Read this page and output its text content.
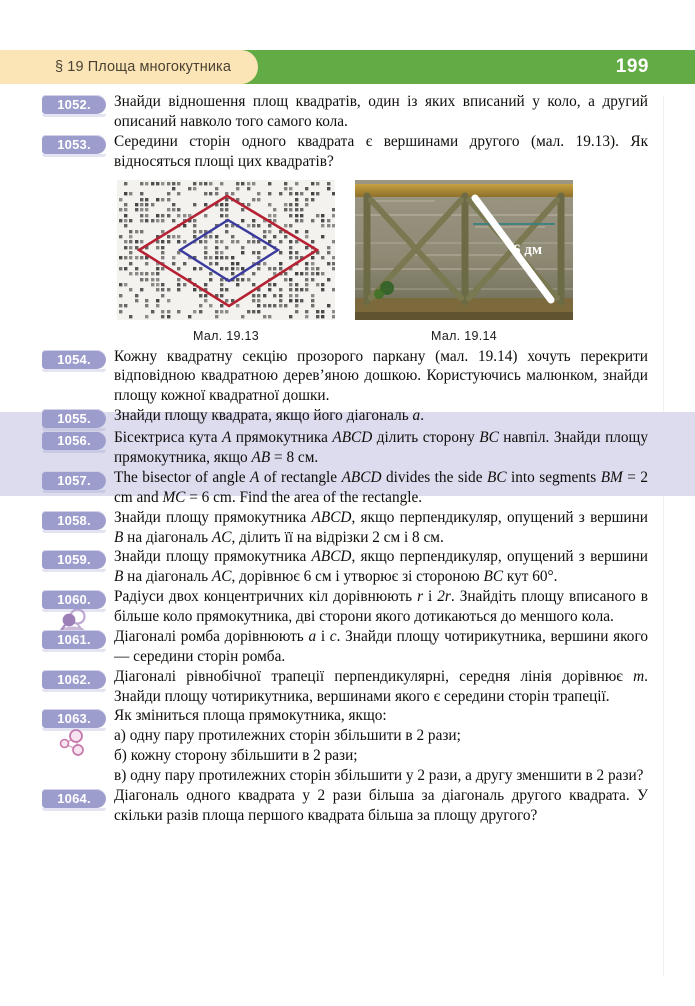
§ 19 Площа многокутника	199
1052.	Знайди відношення площ квадратів, один із яких вписаний у коло, а другий описаний навколо того самого кола.
1053.	Середини сторін одного квадрата є вершинами другого (мал. 19.13). Як відносяться площі цих квадратів?
Мал. 19.13
6 дм
Мал. 19.14
1054.	Кожну квадратну секцію прозорого паркану (мал. 19.14) хочуть перекрити відповідною квадратною дерев’яною дошкою. Користуючись малюнком, знайди площу кожної квадратної дошки.
1055.	Знайди площу квадрата, якщо його діагональ a.
1056.	Бісектриса кута A прямокутника ABCD ділить сторону BC навпіл. Знайди площу прямокутника, якщо AB = 8 см.
1057.	The bisector of angle A of rectangle ABCD divides the side BC into segments BM = 2 cm and MC = 6 cm. Find the area of the rectangle.
1058.	Знайди площу прямокутника ABCD, якщо перпендикуляр, опущений з вершини B на діагональ AC, ділить її на відрізки 2 см і 8 см.
1059.	Знайди площу прямокутника ABCD, якщо перпендикуляр, опущений з вершини B на діагональ AC, дорівнює 6 см і утворює зі стороною BC кут 60°.
1060.	Радіуси двох концентричних кіл дорівнюють r і 2r. Знайдіть площу вписаного в більше коло прямокутника, дві сторони якого дотикаються до меншого кола.
1061.	Діагоналі ромба дорівнюють a і c. Знайди площу чотирикутника, вершини якого — середини сторін ромба.
1062.	Діагоналі рівнобічної трапеції перпендикулярні, середня лінія дорівнює m. Знайди площу чотирикутника, вершинами якого є середини сторін трапеції.
1063.	Як зміниться площа прямокутника, якщо:
а) одну пару протилежних сторін збільшити в 2 рази;
б) кожну сторону збільшити в 2 рази;
в) одну пару протилежних сторін збільшити у 2 рази, а другу зменшити в 2 рази?
1064.	Діагональ одного квадрата у 2 рази більша за діагональ другого квадрата. У скільки разів площа першого квадрата більша за площу другого?
